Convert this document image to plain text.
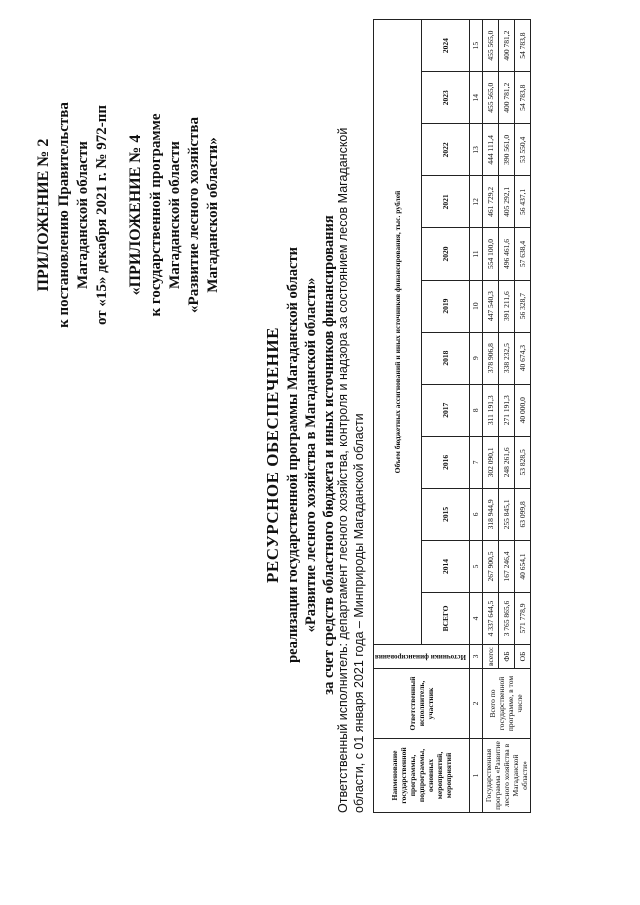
ПРИЛОЖЕНИЕ № 2 к постановлению Правительства Магаданской области от «15» декабря 2021 г. № 972-пп «ПРИЛОЖЕНИЕ № 4 к государственной программе Магаданской области «Развитие лесного хозяйства Магаданской области»
РЕСУРСНОЕ ОБЕСПЕЧЕНИЕ реализации государственной программы Магаданской области «Развитие лесного хозяйства в Магаданской области» за счет средств областного бюджета и иных источников финансирования Ответственный исполнитель: департамент лесного хозяйства, контроля и надзора за состоянием лесов Магаданской области, с 01 января 2021 года – Минприроды Магаданской области	Наименование государственной программы, подпрограммы, основных мероприятий, мероприятий	Ответственный исполнитель, участник	Источники финансирования	Объем бюджетных ассигнований и иных источников финансирования, тыс. рублей											
			ВСЕГО	2014	2015	2016	2017	2018	2019	2020	2021	2022	2023	2024
1	2	3	4	5	6	7	8	9	10	11	12	13	14	15
Государственная программа «Развитие лесного хозяйства в Магаданской области»	Всего по государственной программе, в том числе	всего:	4 337 644,5	267 900,5	318 944,9	302 090,1	311 191,3	378 906,8	447 540,3	554 100,0	461 729,2	444 111,4	455 565,0	455 565,0
		ФБ	3 765 865,6	167 246,4	255 845,1	248 261,6	271 191,3	338 232,5	391 211,6	496 461,6	405 292,1	390 561,0	400 781,2	400 781,2
		ОБ	571 778,9	40 654,1	63 099,8	53 828,5	40 000,0	40 674,3	56 328,7	57 638,4	56 437,1	53 550,4	54 783,8	54 783,8
